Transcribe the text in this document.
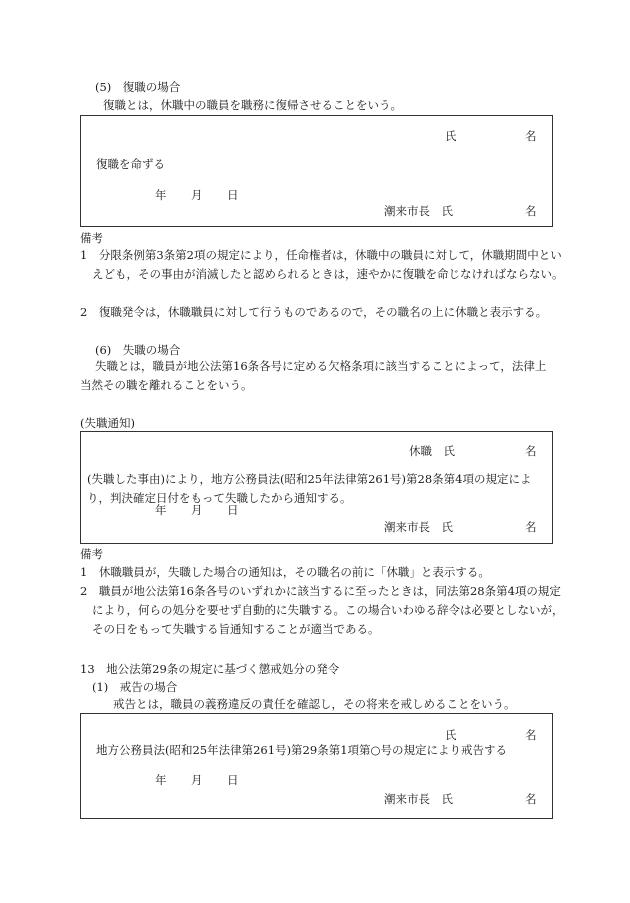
(5)　復職の場合
復職とは，休職中の職員を職務に復帰させることをいう。
氏	名
復職を命ずる
年 月 日
潮来市長　氏	名
備考
1　分限条例第3条第2項の規定により，任命権者は，休職中の職員に対して，休職期間中といえども，その事由が消滅したと認められるときは，速やかに復職を命じなければならない。
2　復職発令は，休職職員に対して行うものであるので，その職名の上に休職と表示する。
(6)　失職の場合
失職とは，職員が地公法第16条各号に定める欠格条項に該当することによって，法律上当然その職を離れることをいう。
(失職通知)
休職　氏	名
(失職した事由)により，地方公務員法(昭和25年法律第261号)第28条第4項の規定により，判決確定日付をもって失職したから通知する。
年 月 日
潮来市長　氏	名
備考
1　休職職員が，失職した場合の通知は，その職名の前に「休職」と表示する。
2　職員が地公法第16条各号のいずれかに該当するに至ったときは，同法第28条第4項の規定により，何らの処分を要せず自動的に失職する。この場合いわゆる辞令は必要としないが，その日をもって失職する旨通知することが適当である。
13　地公法第29条の規定に基づく懲戒処分の発令
(1)　戒告の場合
戒告とは，職員の義務違反の責任を確認し，その将来を戒しめることをいう。
氏	名
地方公務員法(昭和25年法律第261号)第29条第1項第○号の規定により戒告する
年 月 日
潮来市長　氏	名
